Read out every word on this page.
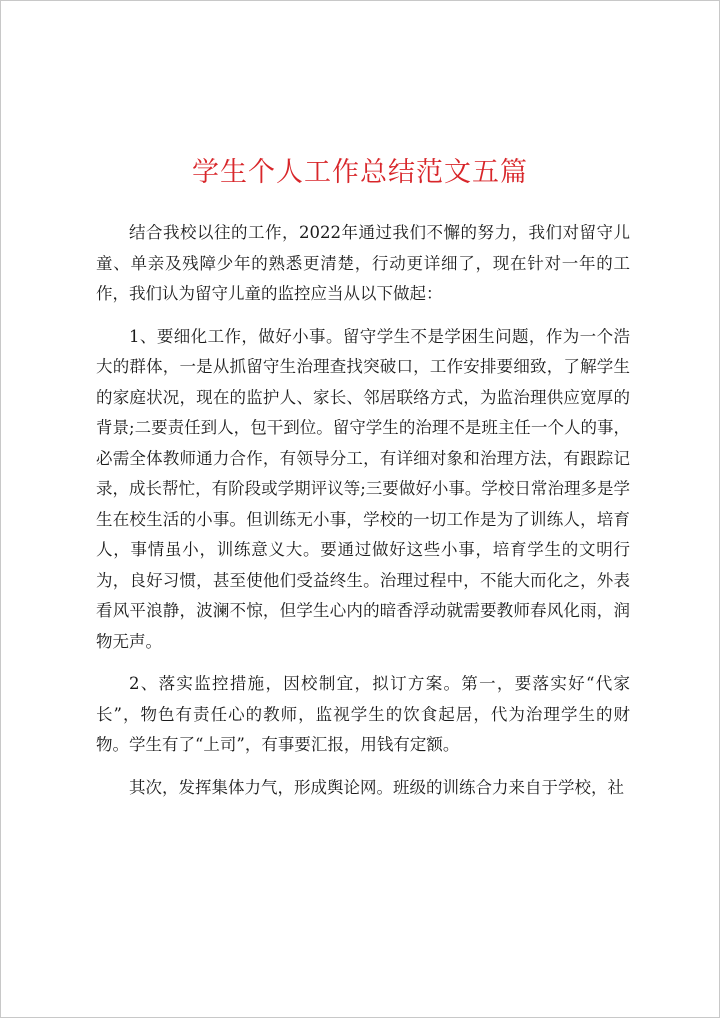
学生个人工作总结范文五篇

结合我校以往的工作，2022年通过我们不懈的努力，我们对留守儿童、单亲及残障少年的熟悉更清楚，行动更详细了，现在针对一年的工作，我们认为留守儿童的监控应当从以下做起：

1、要细化工作，做好小事。留守学生不是学困生问题，作为一个浩大的群体，一是从抓留守生治理查找突破口，工作安排要细致，了解学生的家庭状况，现在的监护人、家长、邻居联络方式，为监治理供应宽厚的背景;二要责任到人，包干到位。留守学生的治理不是班主任一个人的事，必需全体教师通力合作，有领导分工，有详细对象和治理方法，有跟踪记录，成长帮忙，有阶段或学期评议等;三要做好小事。学校日常治理多是学生在校生活的小事。但训练无小事，学校的一切工作是为了训练人，培育人，事情虽小，训练意义大。要通过做好这些小事，培育学生的文明行为，良好习惯，甚至使他们受益终生。治理过程中，不能大而化之，外表看风平浪静，波澜不惊，但学生心内的暗香浮动就需要教师春风化雨，润物无声。

2、落实监控措施，因校制宜，拟订方案。第一，要落实好“代家长”，物色有责任心的教师，监视学生的饮食起居，代为治理学生的财物。学生有了“上司”，有事要汇报，用钱有定额。

其次，发挥集体力气，形成舆论网。班级的训练合力来自于学校，社
